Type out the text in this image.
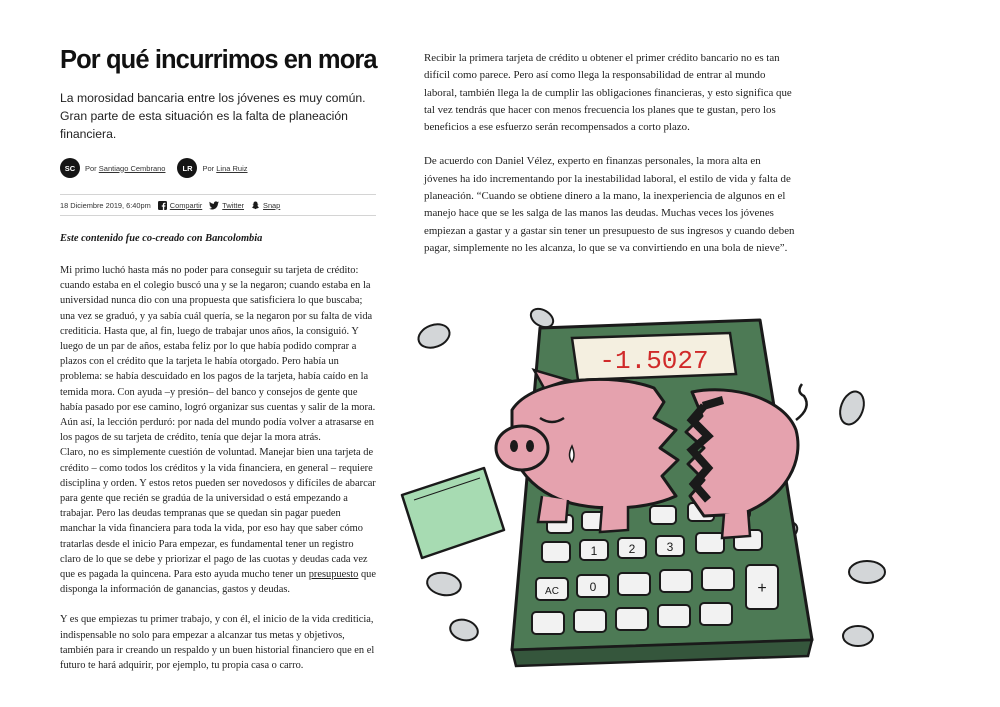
Por qué incurrimos en mora

La morosidad bancaria entre los jóvenes es muy común. Gran parte de esta situación es la falta de planeación financiera.

SC	Por Santiago Cembrano	LR	Por Lina Ruiz
18 Diciembre 2019, 6:40pm	Compartir	Twitter	Snap

Este contenido fue co-creado con Bancolombia

Mi primo luchó hasta más no poder para conseguir su tarjeta de crédito: cuando estaba en el colegio buscó una y se la negaron; cuando estaba en la universidad nunca dio con una propuesta que satisficiera lo que buscaba; una vez se graduó, y ya sabía cuál quería, se la negaron por su falta de vida crediticia. Hasta que, al fin, luego de trabajar unos años, la consiguió. Y luego de un par de años, estaba feliz por lo que había podido comprar a plazos con el crédito que la tarjeta le había otorgado. Pero había un problema: se había descuidado en los pagos de la tarjeta, había caído en la temida mora. Con ayuda –y presión– del banco y consejos de gente que había pasado por ese camino, logró organizar sus cuentas y salir de la mora. Aún así, la lección perduró: por nada del mundo podía volver a atrasarse en los pagos de su tarjeta de crédito, tenía que dejar la mora atrás.

Claro, no es simplemente cuestión de voluntad. Manejar bien una tarjeta de crédito – como todos los créditos y la vida financiera, en general – requiere disciplina y orden. Y estos retos pueden ser novedosos y difíciles de abarcar para gente que recién se gradúa de la universidad o está empezando a trabajar. Pero las deudas tempranas que se quedan sin pagar pueden manchar la vida financiera para toda la vida, por eso hay que saber cómo tratarlas desde el inicio Para empezar, es fundamental tener un registro claro de lo que se debe y priorizar el pago de las cuotas y deudas cada vez que es pagada la quincena. Para esto ayuda mucho tener un presupuesto que disponga la información de ganancias, gastos y deudas.

Y es que empiezas tu primer trabajo, y con él, el inicio de la vida crediticia, indispensable no solo para empezar a alcanzar tus metas y objetivos, también para ir creando un respaldo y un buen historial financiero que en el futuro te hará adquirir, por ejemplo, tu propia casa o carro.

Recibir la primera tarjeta de crédito u obtener el primer crédito bancario no es tan difícil como parece. Pero así como llega la responsabilidad de entrar al mundo laboral, también llega la de cumplir las obligaciones financieras, y esto significa que tal vez tendrás que hacer con menos frecuencia los planes que te gustan, pero los beneficios a ese esfuerzo serán recompensados a corto plazo.

De acuerdo con Daniel Vélez, experto en finanzas personales, la mora alta en jóvenes ha ido incrementando por la inestabilidad laboral, el estilo de vida y falta de planeación. “Cuando se obtiene dinero a la mano, la inexperiencia de algunos en el manejo hace que se les salga de las manos las deudas. Muchas veces los jóvenes empiezan a gastar y a gastar sin tener un presupuesto de sus ingresos y cuando deben pagar, simplemente no les alcanza, lo que se va convirtiendo en una bola de nieve”.

-1.5027
1	2	3
AC	0	+
